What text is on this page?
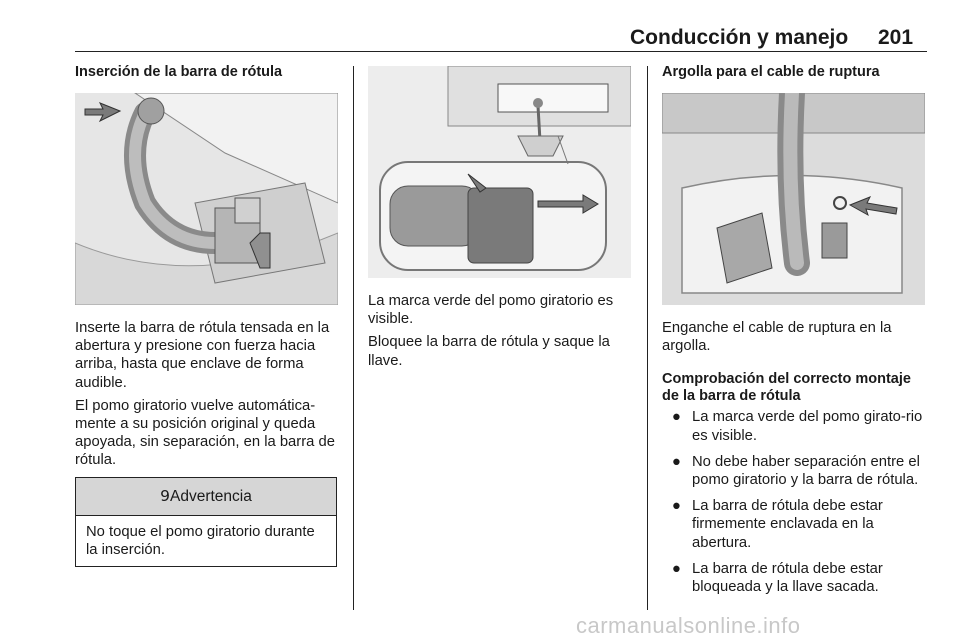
Conducción y manejo 201

Inserción de la barra de rótula

Inserte la barra de rótula tensada en la abertura y presione con fuerza hacia arriba, hasta que enclave de forma audible.

El pomo giratorio vuelve automática-mente a su posición original y queda apoyada, sin separación, en la barra de rótula.

9Advertencia
No toque el pomo giratorio durante la inserción.

La marca verde del pomo giratorio es visible.

Bloquee la barra de rótula y saque la llave.

Argolla para el cable de ruptura

Enganche el cable de ruptura en la argolla.

Comprobación del correcto montaje de la barra de rótula

● La marca verde del pomo girato-rio es visible.
● No debe haber separación entre el pomo giratorio y la barra de rótula.
● La barra de rótula debe estar firmemente enclavada en la abertura.
● La barra de rótula debe estar bloqueada y la llave sacada.
carmanualsonline.info
